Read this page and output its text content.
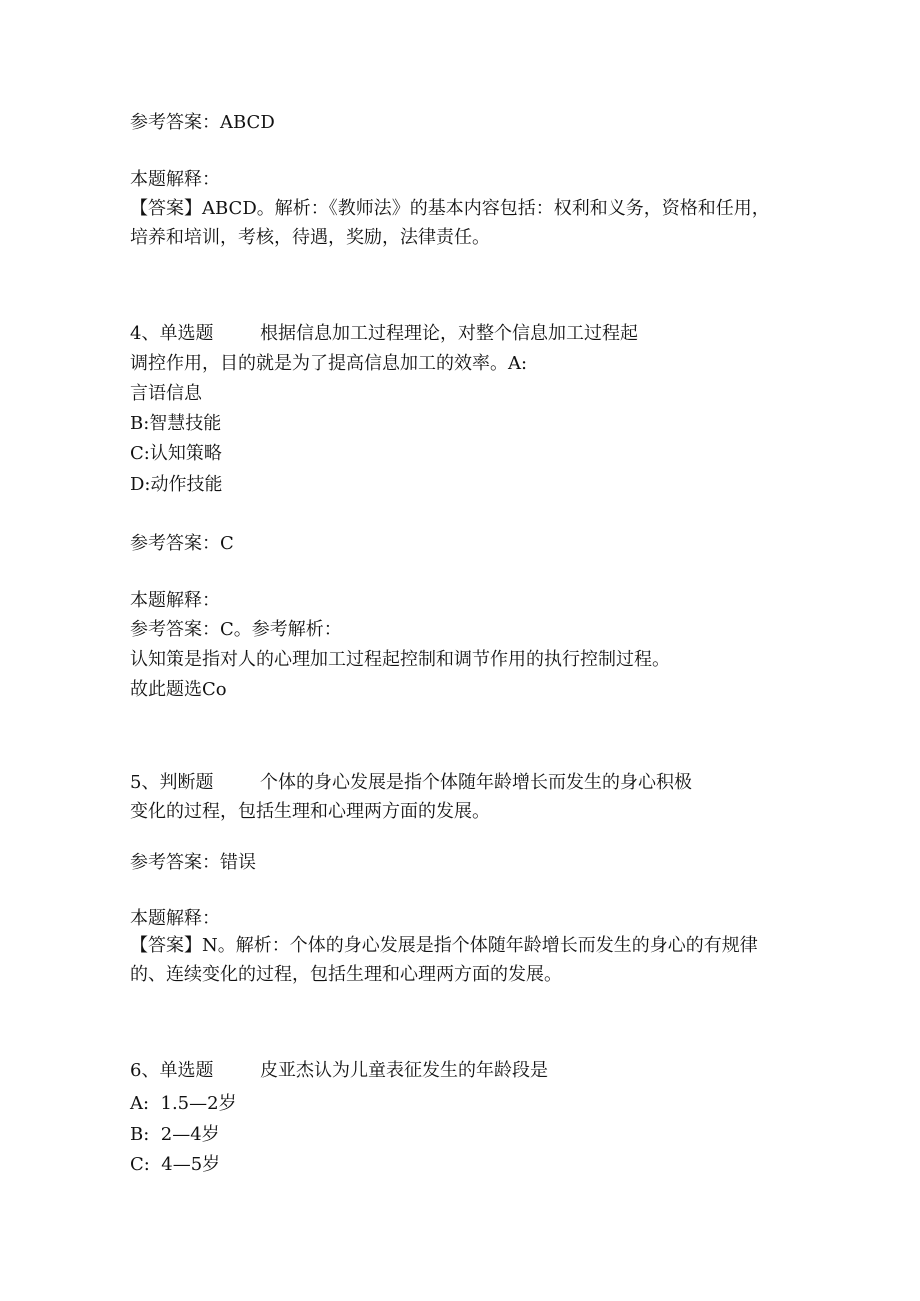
参考答案：ABCD
本题解释：
【答案】ABCD。解析：《教师法》的基本内容包括：权利和义务，资格和任用，
培养和培训，考核，待遇，奖励，法律责任。
4、单选题	根据信息加工过程理论，对整个信息加工过程起
调控作用，目的就是为了提高信息加工的效率。A:
言语信息
B:智慧技能
C:认知策略
D:动作技能
参考答案：C
本题解释：
参考答案：C。参考解析：
认知策是指对人的心理加工过程起控制和调节作用的执行控制过程。
故此题选Co
5、判断题	个体的身心发展是指个体随年龄增长而发生的身心积极
变化的过程，包括生理和心理两方面的发展。
参考答案：错误
本题解释：
【答案】N。解析：个体的身心发展是指个体随年龄增长而发生的身心的有规律
的、连续变化的过程，包括生理和心理两方面的发展。
6、单选题	皮亚杰认为儿童表征发生的年龄段是
A:  1.5—2岁
B:  2—4岁
C:  4—5岁
